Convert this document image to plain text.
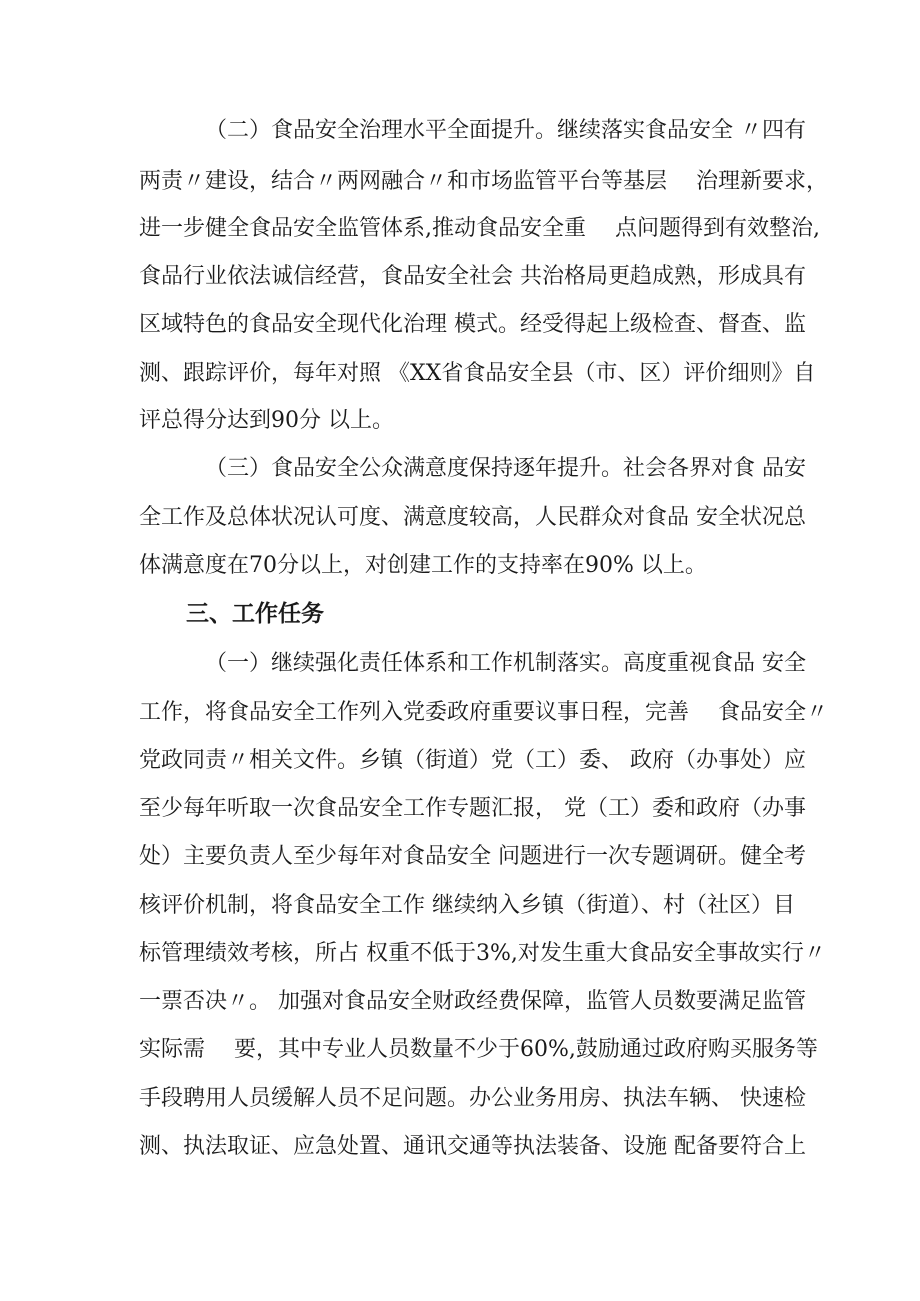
（二）食品安全治理水平全面提升。继续落实食品安全 〃四有
两责〃建设，结合〃两网融合〃和市场监管平台等基层　 治理新要求，
进一步健全食品安全监管体系,推动食品安全重　 点问题得到有效整治,
食品行业依法诚信经营，食品安全社会 共治格局更趋成熟，形成具有
区域特色的食品安全现代化治理 模式。经受得起上级检查、督查、监
测、跟踪评价，每年对照 《XX省食品安全县（市、区）评价细则》自
评总得分达到90分 以上。
（三）食品安全公众满意度保持逐年提升。社会各界对食 品安
全工作及总体状况认可度、满意度较高，人民群众对食品 安全状况总
体满意度在70分以上，对创建工作的支持率在90% 以上。
三、工作任务
（一）继续强化责任体系和工作机制落实。高度重视食品 安全
工作，将食品安全工作列入党委政府重要议事日程，完善　 食品安全〃
党政同责〃相关文件。乡镇（街道）党（工）委、 政府（办事处）应
至少每年听取一次食品安全工作专题汇报， 党（工）委和政府（办事
处）主要负责人至少每年对食品安全 问题进行一次专题调研。健全考
核评价机制，将食品安全工作 继续纳入乡镇（街道）、村（社区）目
标管理绩效考核，所占 权重不低于3%,对发生重大食品安全事故实行〃
一票否决〃。 加强对食品安全财政经费保障，监管人员数要满足监管
实际需　 要，其中专业人员数量不少于60%,鼓励通过政府购买服务等
手段聘用人员缓解人员不足问题。办公业务用房、执法车辆、 快速检
测、执法取证、应急处置、通讯交通等执法装备、设施 配备要符合上
